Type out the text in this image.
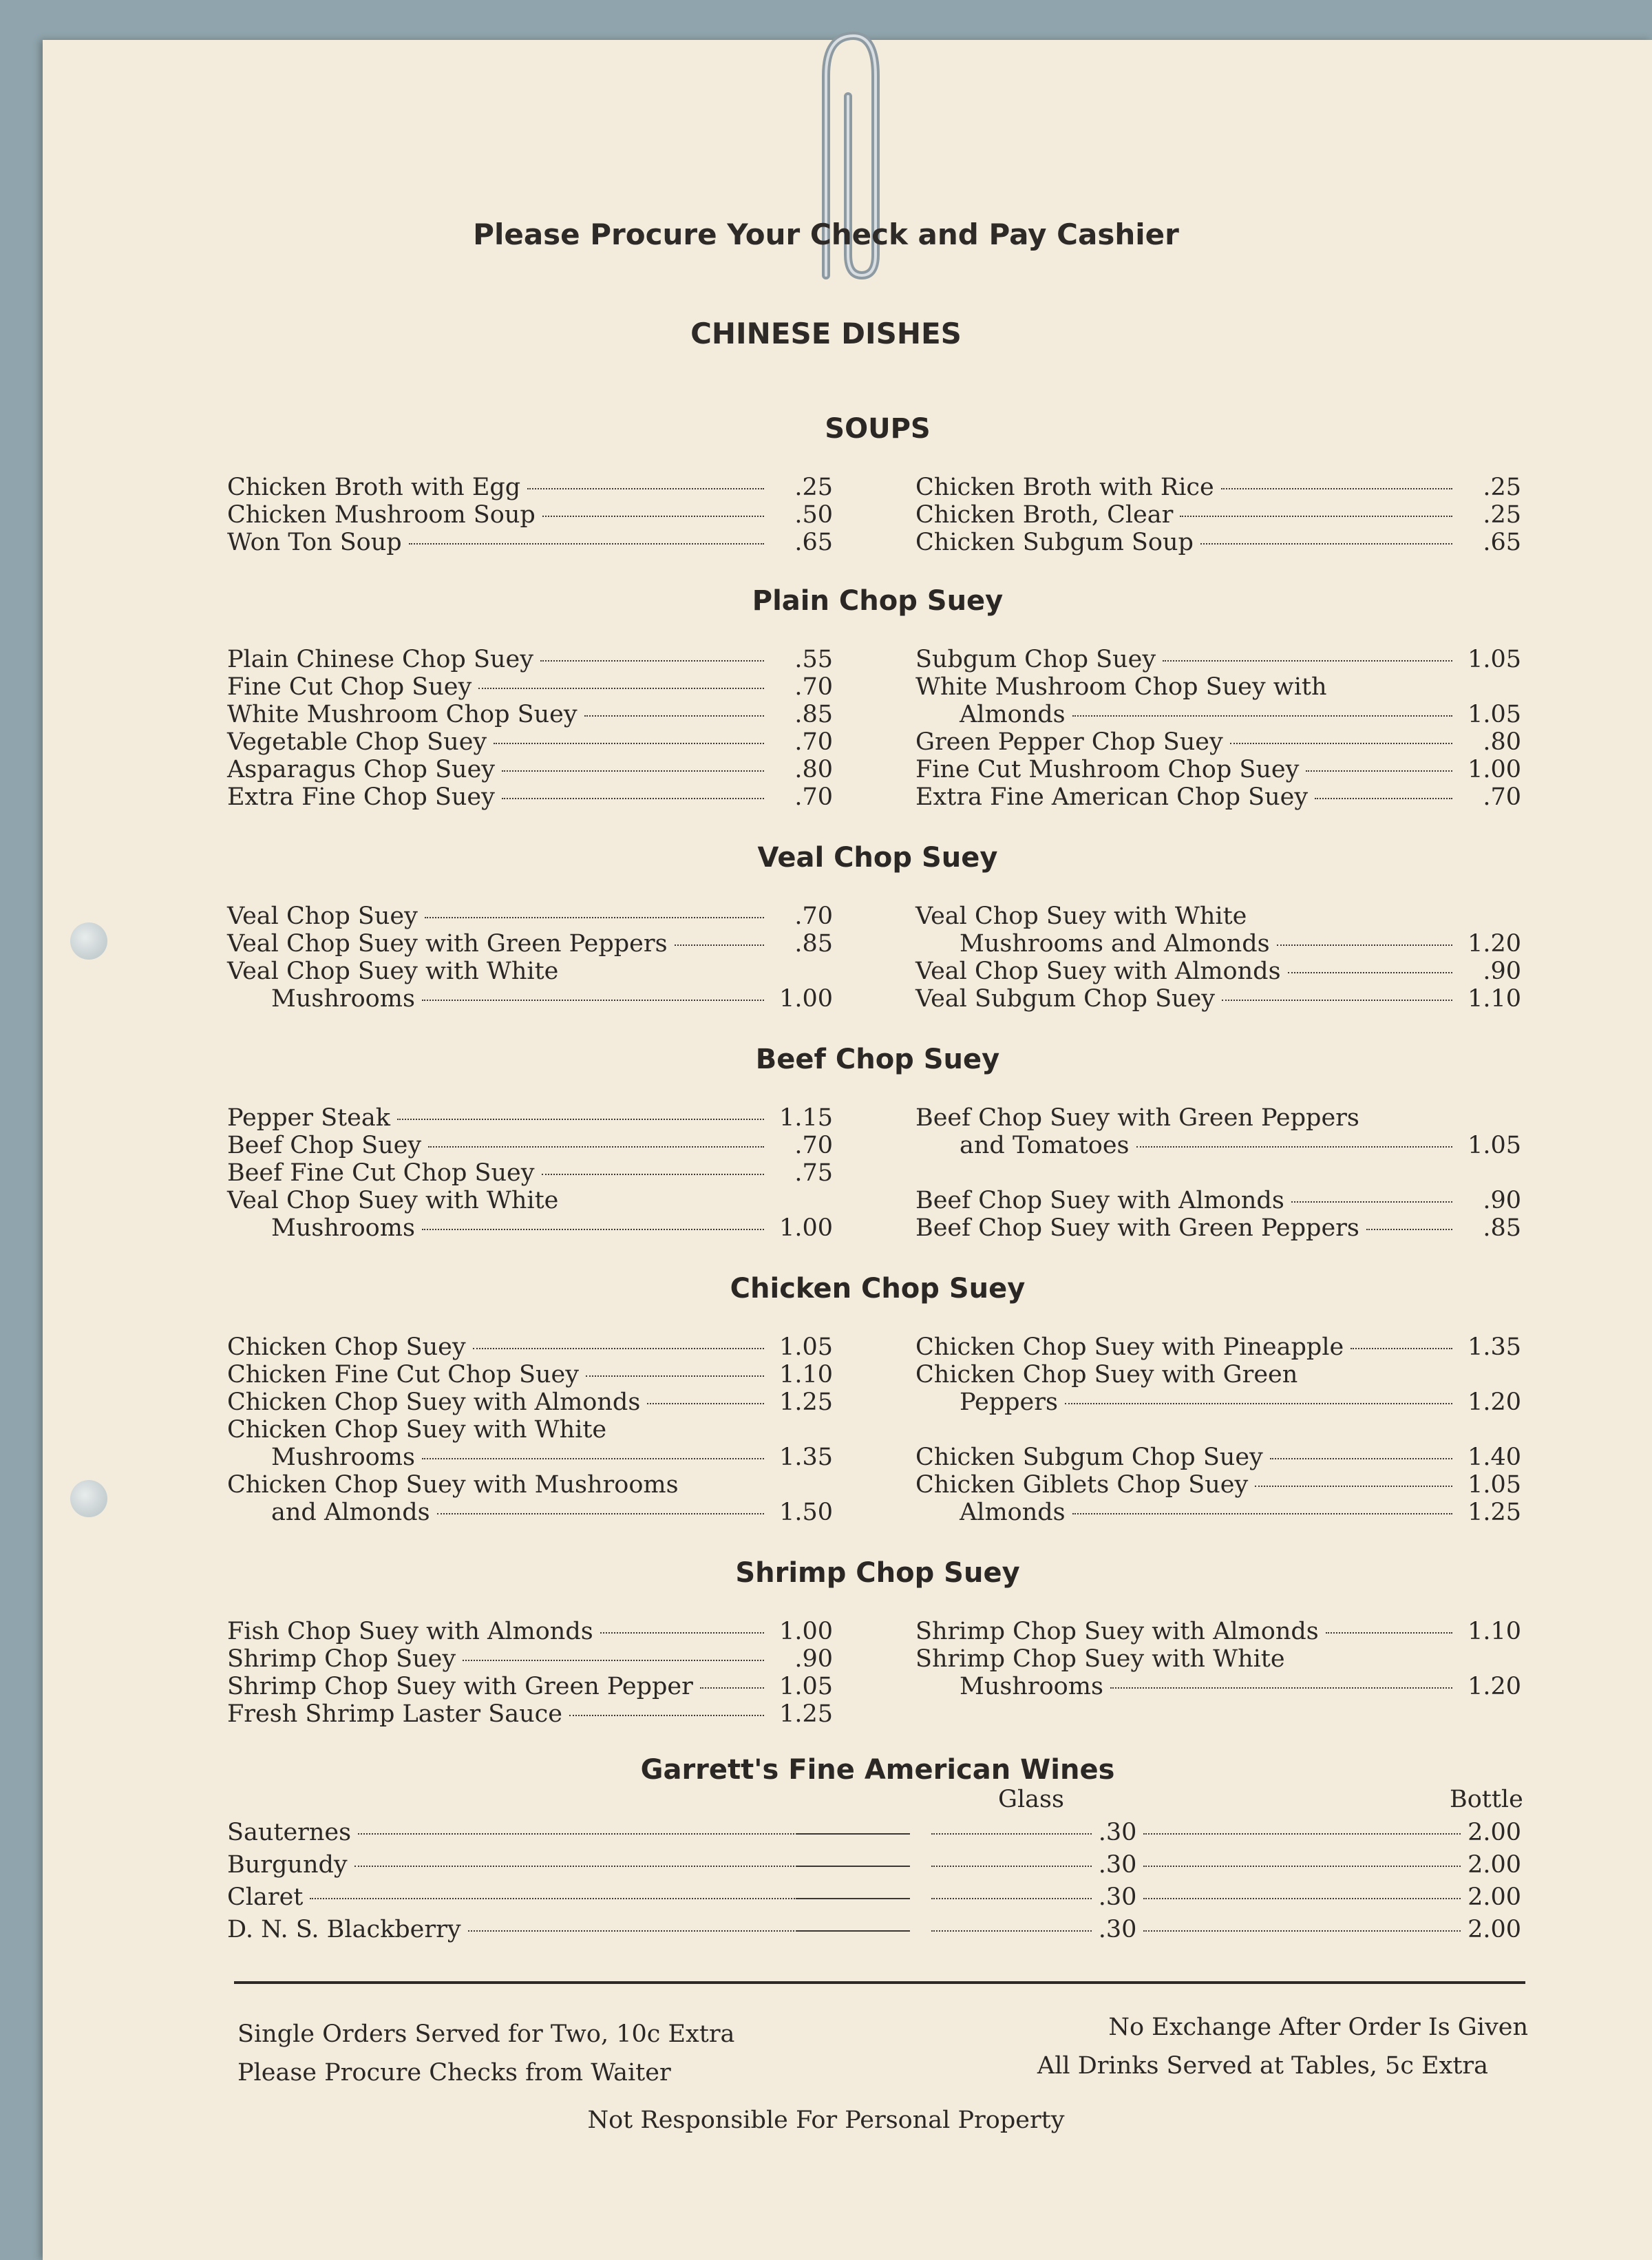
Please Procure Your Check and Pay Cashier
CHINESE DISHES
SOUPS
Chicken Broth with Egg	.25
Chicken Mushroom Soup	.50
Won Ton Soup	.65
Chicken Broth with Rice	.25
Chicken Broth, Clear	.25
Chicken Subgum Soup	.65
Plain Chop Suey
Plain Chinese Chop Suey	.55
Fine Cut Chop Suey	.70
White Mushroom Chop Suey	.85
Vegetable Chop Suey	.70
Asparagus Chop Suey	.80
Extra Fine Chop Suey	.70
Subgum Chop Suey	1.05
White Mushroom Chop Suey with
Almonds	1.05
Green Pepper Chop Suey	.80
Fine Cut Mushroom Chop Suey	1.00
Extra Fine American Chop Suey	.70
Veal Chop Suey
Veal Chop Suey	.70
Veal Chop Suey with Green Peppers	.85
Veal Chop Suey with White
Mushrooms	1.00
Veal Chop Suey with White
Mushrooms and Almonds	1.20
Veal Chop Suey with Almonds	.90
Veal Subgum Chop Suey	1.10
Beef Chop Suey
Pepper Steak	1.15
Beef Chop Suey	.70
Beef Fine Cut Chop Suey	.75
Veal Chop Suey with White
Mushrooms	1.00
Beef Chop Suey with Green Peppers
and Tomatoes	1.05
Beef Chop Suey with Almonds	.90
Beef Chop Suey with Green Peppers	.85
Chicken Chop Suey
Chicken Chop Suey	1.05
Chicken Fine Cut Chop Suey	1.10
Chicken Chop Suey with Almonds	1.25
Chicken Chop Suey with White
Mushrooms	1.35
Chicken Chop Suey with Mushrooms
and Almonds	1.50
Chicken Chop Suey with Pineapple	1.35
Chicken Chop Suey with Green
Peppers	1.20
Chicken Subgum Chop Suey	1.40
Chicken Giblets Chop Suey	1.05
Almonds	1.25
Shrimp Chop Suey
Fish Chop Suey with Almonds	1.00
Shrimp Chop Suey	.90
Shrimp Chop Suey with Green Pepper	1.05
Fresh Shrimp Laster Sauce	1.25
Shrimp Chop Suey with Almonds	1.10
Shrimp Chop Suey with White
Mushrooms	1.20
Garrett's Fine American Wines
Glass	Bottle
Sauternes	.30	2.00
Burgundy	.30	2.00
Claret	.30	2.00
D. N. S. Blackberry	.30	2.00
Single Orders Served for Two, 10c Extra
Please Procure Checks from Waiter
No Exchange After Order Is Given
All Drinks Served at Tables, 5c Extra
Not Responsible For Personal Property
